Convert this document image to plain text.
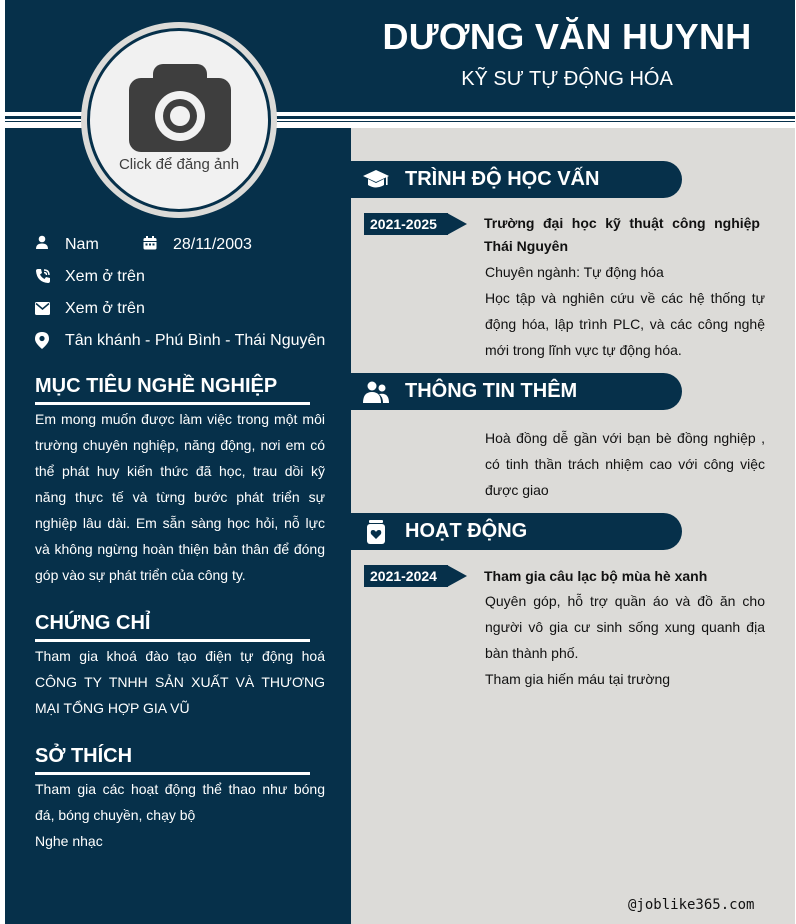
DƯƠNG VĂN HUYNH
KỸ SƯ TỰ ĐỘNG HÓA
Click để đăng ảnh
Nam	28/11/2003
Xem ở trên
Xem ở trên
Tân khánh - Phú Bình - Thái Nguyên
MỤC TIÊU NGHỀ NGHIỆP
Em mong muốn được làm việc trong một môi trường chuyên nghiệp, năng động, nơi em có thể phát huy kiến thức đã học, trau dồi kỹ năng thực tế và từng bước phát triển sự nghiệp lâu dài. Em sẵn sàng học hỏi, nỗ lực và không ngừng hoàn thiện bản thân để đóng góp vào sự phát triển của công ty.
CHỨNG CHỈ
Tham gia khoá đào tạo điện tự động hoá CÔNG TY TNHH SẢN XUẤT VÀ THƯƠNG MẠI TỔNG HỢP GIA VŨ
SỞ THÍCH
Tham gia các hoạt động thể thao như bóng đá, bóng chuyền, chạy bộ
Nghe nhạc
TRÌNH ĐỘ HỌC VẤN
2021-2025	Trường đại học kỹ thuật công nghiệp Thái Nguyên
Chuyên ngành: Tự động hóa
Học tập và nghiên cứu về các hệ thống tự động hóa, lập trình PLC, và các công nghệ mới trong lĩnh vực tự động hóa.
THÔNG TIN THÊM
Hoà đồng dễ gần với bạn bè đồng nghiệp , có tinh thần trách nhiệm cao với công việc được giao
HOẠT ĐỘNG
2021-2024	Tham gia câu lạc bộ mùa hè xanh
Quyên góp, hỗ trợ quần áo và đồ ăn cho người vô gia cư sinh sống xung quanh địa bàn thành phố.
Tham gia hiến máu tại trường
@joblike365.com
